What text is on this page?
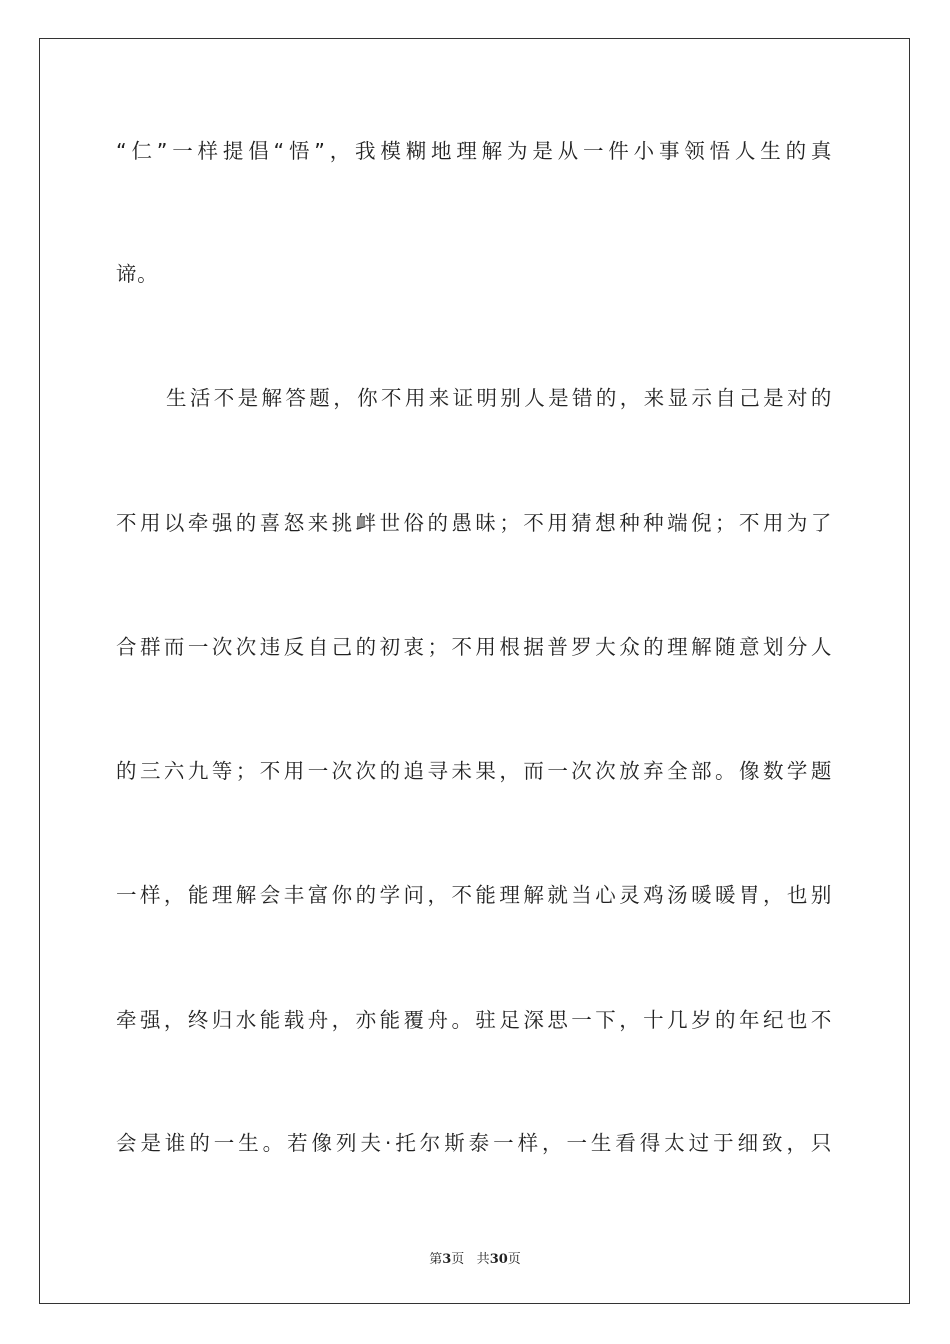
“仁”一样提倡“悟”，我模糊地理解为是从一件小事领悟人生的真
谛。
生活不是解答题，你不用来证明别人是错的，来显示自己是对的
不用以牵强的喜怒来挑衅世俗的愚昧；不用猜想种种端倪；不用为了
合群而一次次违反自己的初衷；不用根据普罗大众的理解随意划分人
的三六九等；不用一次次的追寻未果，而一次次放弃全部。像数学题
一样，能理解会丰富你的学问，不能理解就当心灵鸡汤暖暖胃，也别
牵强，终归水能载舟，亦能覆舟。驻足深思一下，十几岁的年纪也不
会是谁的一生。若像列夫·托尔斯泰一样，一生看得太过于细致，只
第3页 共30页
